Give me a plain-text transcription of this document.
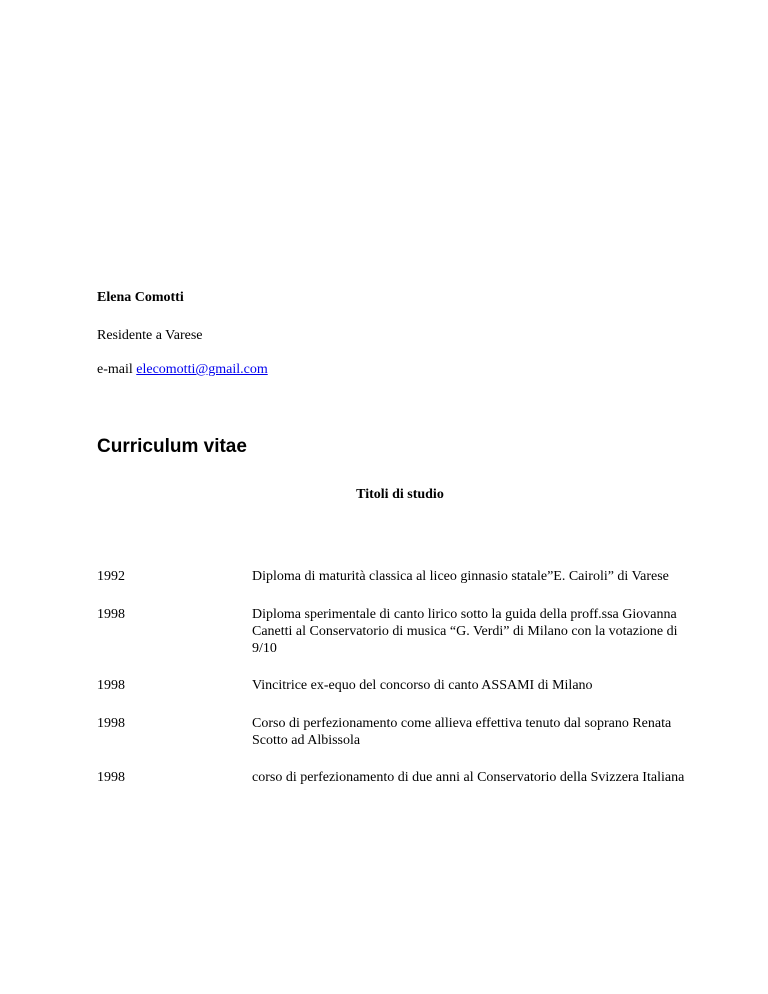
Elena Comotti
Residente a Varese
e-mail elecomotti@gmail.com
Curriculum vitae
Titoli di studio
1992	Diploma di maturità classica al liceo ginnasio statale”E. Cairoli” di Varese
1998	Diploma sperimentale di canto lirico sotto la guida della proff.ssa Giovanna Canetti al Conservatorio di musica “G. Verdi” di Milano con la votazione di 9/10
1998	Vincitrice ex-equo del concorso di canto ASSAMI di Milano
1998	Corso di perfezionamento come allieva effettiva tenuto dal soprano Renata Scotto ad Albissola
1998	corso di perfezionamento di due anni al Conservatorio della Svizzera Italiana
